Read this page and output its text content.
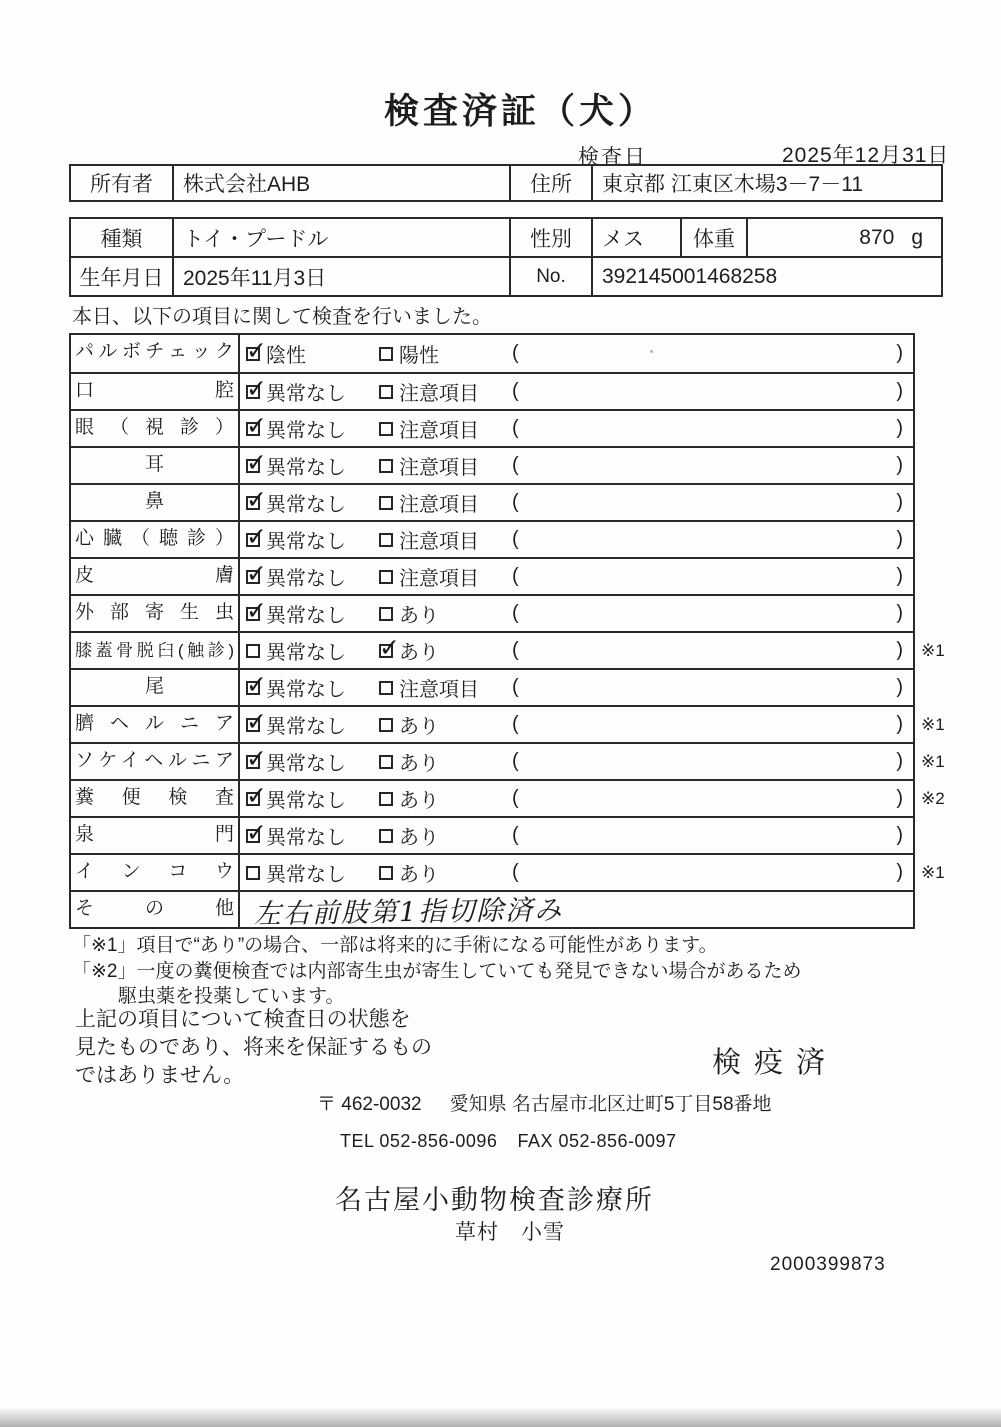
検査済証（犬）
検査日	2025年12月31日
所有者	株式会社AHB	住所	東京都 江東区木場3－7－11
種類	トイ・プードル	性別	メス	体重	870 g
生年月日 2025年11月3日	No.	392145001468258
本日、以下の項目に関して検査を行いました。
パルボチェック ✓	陰性	陽性	(	)
口腔 ✓	異常なし	注意項目 (	)
眼（視診） ✓	異常なし	注意項目 (	)
耳 ✓	異常なし	注意項目 (	)
鼻 ✓	異常なし	注意項目 (	)
心臓（聴診） ✓	異常なし	注意項目 (	)
皮膚 ✓	異常なし	注意項目 (	)
外部寄生虫 ✓	異常なし	あり	(	)
膝蓋骨脱臼(触診)	異常なし ✓	あり	(	) ※1
尾 ✓	異常なし	注意項目 (	)
臍ヘルニア ✓	異常なし	あり	(	) ※1
ソケイヘルニア ✓	異常なし	あり	(	) ※1
糞便検査 ✓	異常なし	あり	(	) ※2
泉門 ✓	異常なし	あり	(	)
インコウ	異常なし	あり	(	) ※1
その他 左右前肢第1指切除済み
「※1」項目で“あり”の場合、一部は将来的に手術になる可能性があります。
「※2」一度の糞便検査では内部寄生虫が寄生していても発見できない場合があるため
駆虫薬を投薬しています。
上記の項目について検査日の状態を
見たものであり、将来を保証するもの
ではありません。	検疫済
〒 462-0032 愛知県 名古屋市北区辻町5丁目58番地
TEL 052-856-0096 FAX 052-856-0097
名古屋小動物検査診療所
草村　小雪
2000399873
